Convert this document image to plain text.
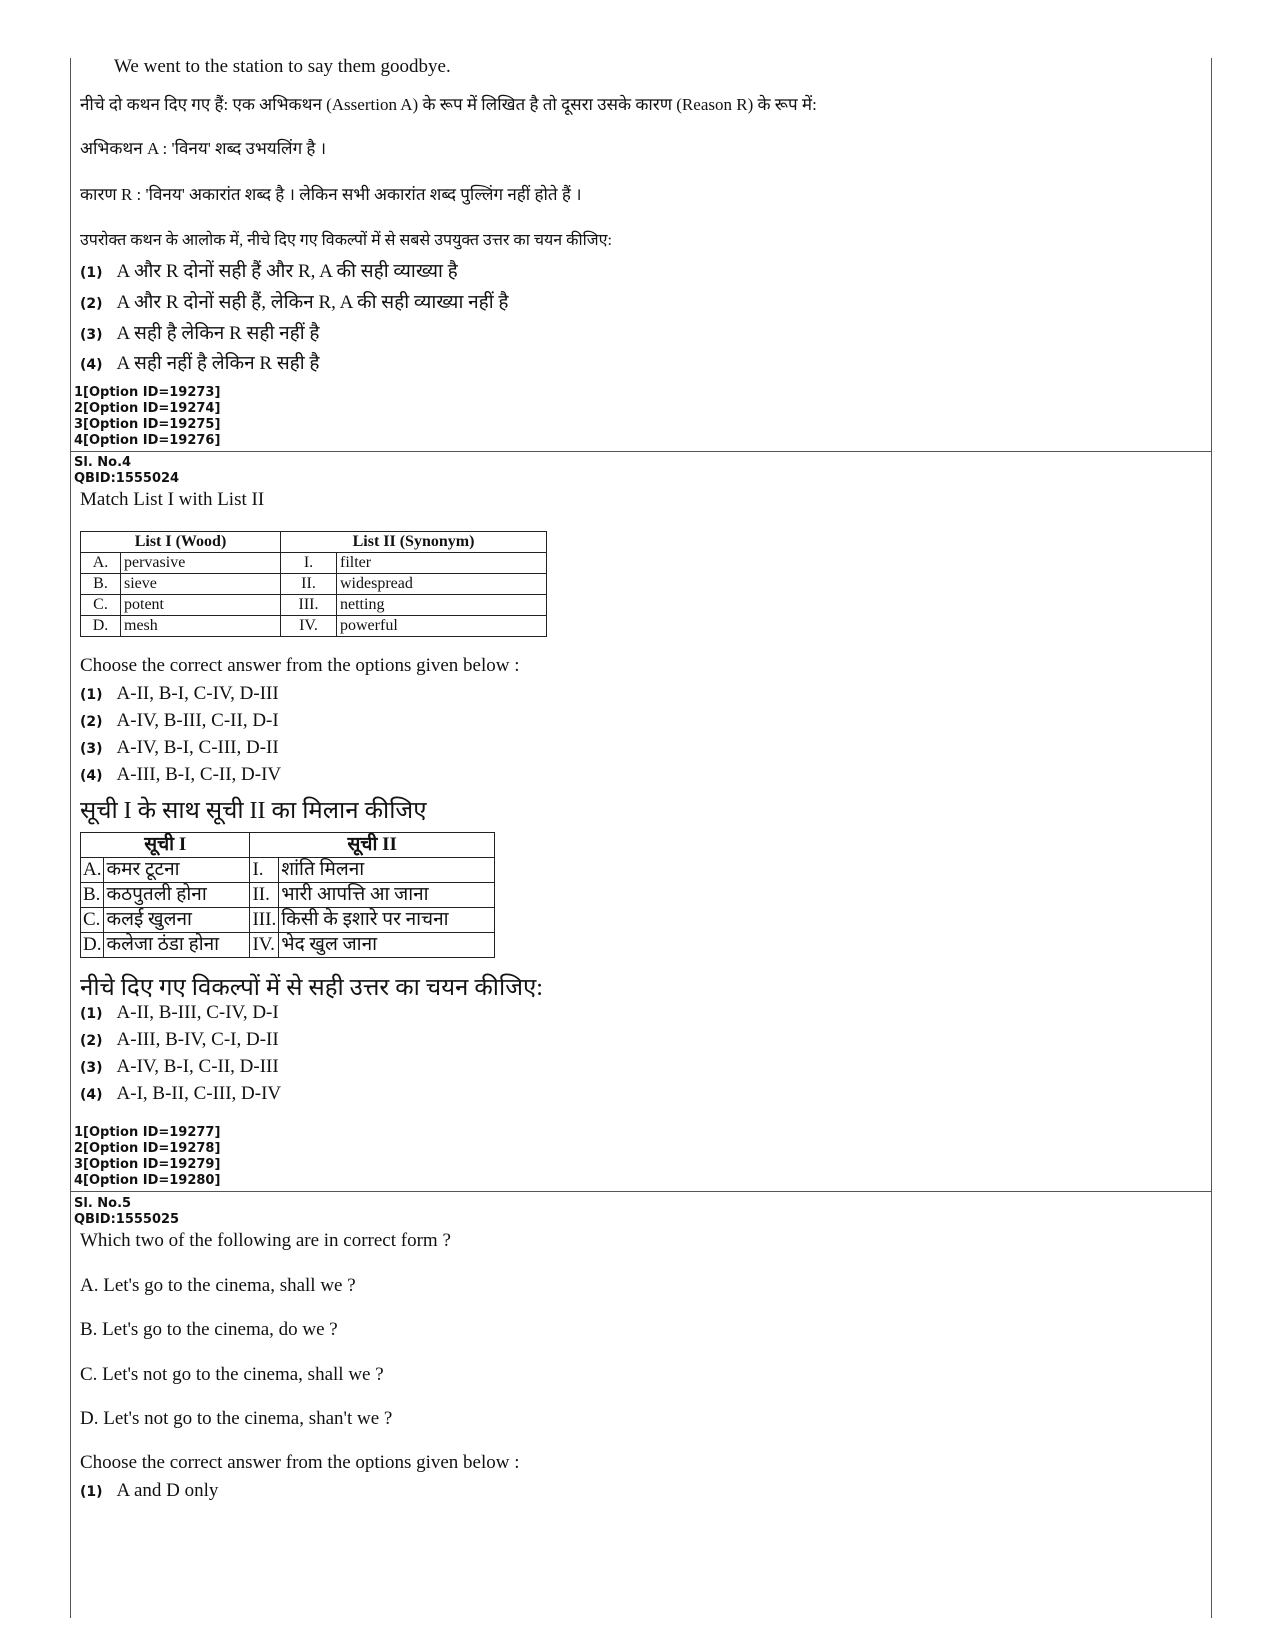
We went to the station to say them goodbye.
नीचे दो कथन दिए गए हैं: एक अभिकथन (Assertion A) के रूप में लिखित है तो दूसरा उसके कारण (Reason R) के रूप में:
अभिकथन A : 'विनय' शब्द उभयलिंग है ।
कारण R : 'विनय' अकारांत शब्द है । लेकिन सभी अकारांत शब्द पुल्लिंग नहीं होते हैं ।
उपरोक्त कथन के आलोक में, नीचे दिए गए विकल्पों में से सबसे उपयुक्त उत्तर का चयन कीजिए:
(1) A और R दोनों सही हैं और R, A की सही व्याख्या है
(2) A और R दोनों सही हैं, लेकिन R, A की सही व्याख्या नहीं है
(3) A सही है लेकिन R सही नहीं है
(4) A सही नहीं है लेकिन R सही है
1[Option ID=19273]
2[Option ID=19274]
3[Option ID=19275]
4[Option ID=19276]
Sl. No.4
QBID:1555024
Match List I with List II
List I (Wood)		List II (Synonym)	
A.	pervasive	I.	filter
B.	sieve	II.	widespread
C.	potent	III.	netting
D.	mesh	IV.	powerful
Choose the correct answer from the options given below :
(1) A-II, B-I, C-IV, D-III
(2) A-IV, B-III, C-II, D-I
(3) A-IV, B-I, C-III, D-II
(4) A-III, B-I, C-II, D-IV
सूची I के साथ सूची II का मिलान कीजिए
सूची I		सूची II	
A.	कमर टूटना	I.	शांति मिलना
B.	कठपुतली होना	II.	भारी आपत्ति आ जाना
C.	कलई खुलना	III.	किसी के इशारे पर नाचना
D.	कलेजा ठंडा होना	IV.	भेद खुल जाना
नीचे दिए गए विकल्पों में से सही उत्तर का चयन कीजिए:
(1) A-II, B-III, C-IV, D-I
(2) A-III, B-IV, C-I, D-II
(3) A-IV, B-I, C-II, D-III
(4) A-I, B-II, C-III, D-IV
1[Option ID=19277]
2[Option ID=19278]
3[Option ID=19279]
4[Option ID=19280]
Sl. No.5
QBID:1555025
Which two of the following are in correct form ?
A. Let's go to the cinema, shall we ?
B. Let's go to the cinema, do we ?
C. Let's not go to the cinema, shall we ?
D. Let's not go to the cinema, shan't we ?
Choose the correct answer from the options given below :
(1) A and D only
